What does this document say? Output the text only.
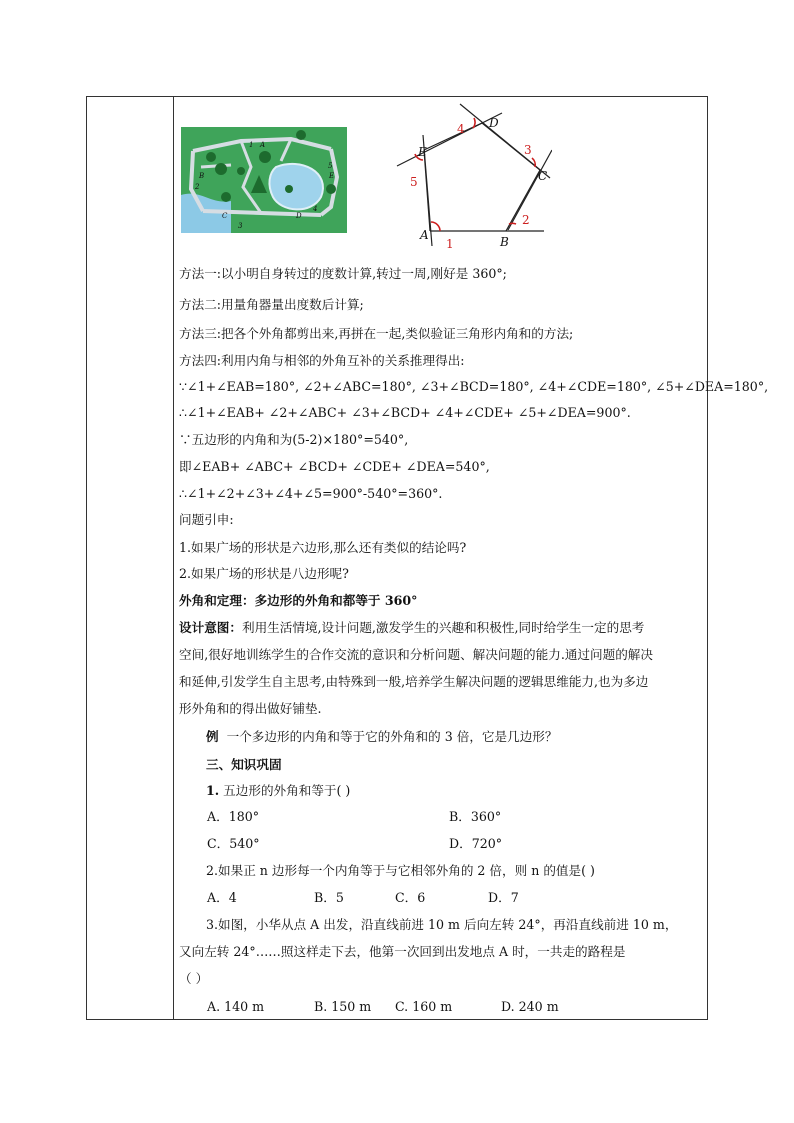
A
B
C	D
E
1
2
3
4
5
A	B
C
D
E
1
2
3
4
5
方法一:以小明自身转过的度数计算,转过一周,刚好是 360°;
方法二:用量角器量出度数后计算;
方法三:把各个外角都剪出来,再拼在一起,类似验证三角形内角和的方法;
方法四:利用内角与相邻的外角互补的关系推理得出:
∵∠1+∠EAB=180°, ∠2+∠ABC=180°, ∠3+∠BCD=180°, ∠4+∠CDE=180°, ∠5+∠DEA=180°,
∴∠1+∠EAB+ ∠2+∠ABC+ ∠3+∠BCD+ ∠4+∠CDE+ ∠5+∠DEA=900°.
∵五边形的内角和为(5-2)×180°=540°,
即∠EAB+ ∠ABC+ ∠BCD+ ∠CDE+ ∠DEA=540°,
∴∠1+∠2+∠3+∠4+∠5=900°-540°=360°.
问题引申:
1.如果广场的形状是六边形,那么还有类似的结论吗?
2.如果广场的形状是八边形呢?
外角和定理：多边形的外角和都等于 360°
设计意图：利用生活情境,设计问题,激发学生的兴趣和积极性,同时给学生一定的思考
空间,很好地训练学生的合作交流的意识和分析问题、解决问题的能力.通过问题的解决
和延伸,引发学生自主思考,由特殊到一般,培养学生解决问题的逻辑思维能力,也为多边
形外角和的得出做好铺垫.
例 一个多边形的内角和等于它的外角和的 3 倍，它是几边形？
三、知识巩固
1. 五边形的外角和等于( )
A．180°	B．360°
C．540°	D．720°
2.如果正 n 边形每一个内角等于与它相邻外角的 2 倍，则 n 的值是( )
A．4	B．5	C．6	D．7
3.如图，小华从点 A 出发，沿直线前进 10 m 后向左转 24°，再沿直线前进 10 m，
又向左转 24°……照这样走下去，他第一次回到出发地点 A 时，一共走的路程是
（ ）
A. 140 m	B. 150 m C. 160 m	D. 240 m
